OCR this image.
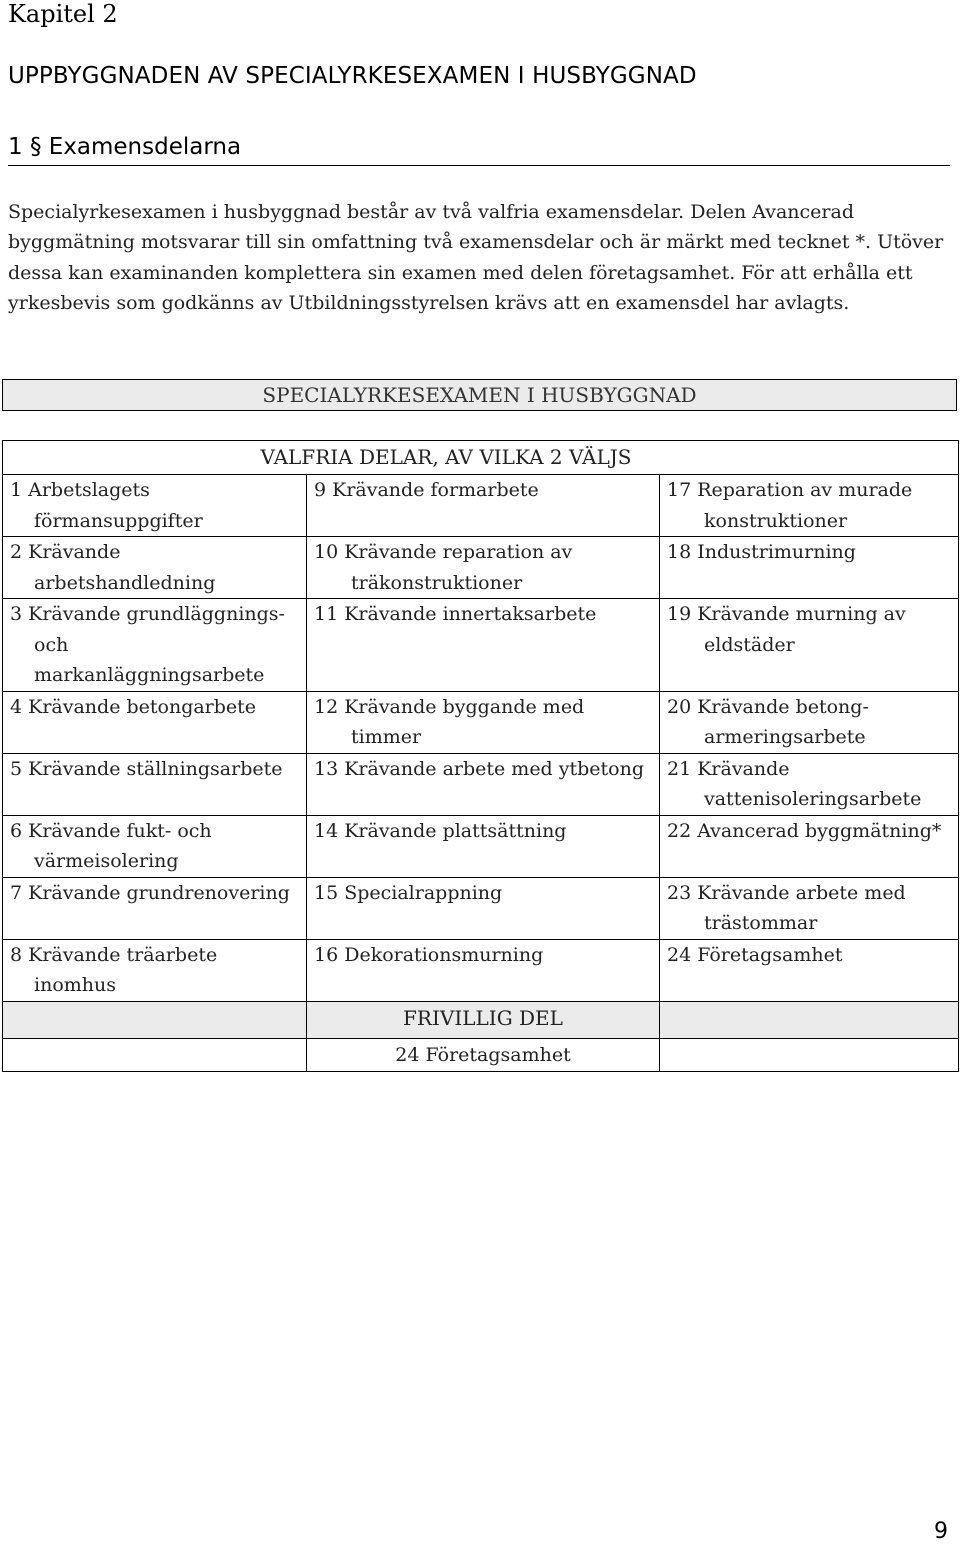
Kapitel 2
UPPBYGGNADEN AV SPECIALYRKESEXAMEN I HUSBYGGNAD
1 § Examensdelarna

Specialyrkesexamen i husbyggnad består av två valfria examensdelar. Delen Avancerad byggmätning motsvarar till sin omfattning två examensdelar och är märkt med tecknet *. Utöver dessa kan examinanden komplettera sin examen med delen företagsamhet. För att erhålla ett yrkesbevis som godkänns av Utbildningsstyrelsen krävs att en examensdel har avlagts.

SPECIALYRKESEXAMEN I HUSBYGGNAD
	VALFRIA DELAR, AV VILKA 2 VÄLJS	

1 Arbetslagets förmansuppgifter	9 Krävande formarbete	17 Reparation av murade konstruktioner

2 Krävande arbetshandledning	10 Krävande reparation av träkonstruktioner	18 Industrimurning

3 Krävande grundläggnings- och markanläggningsarbete	11 Krävande innertaksarbete	19 Krävande murning av eldstäder

4 Krävande betongarbete	12 Krävande byggande med timmer	20 Krävande betong-armeringsarbete

5 Krävande ställningsarbete	13 Krävande arbete med ytbetong	21 Krävande vattenisoleringsarbete

6 Krävande fukt- och värmeisolering	14 Krävande plattsättning	22 Avancerad byggmätning*

7 Krävande grundrenovering	15 Specialrappning	23 Krävande arbete med trästommar

8 Krävande träarbete inomhus	16 Dekorationsmurning	24 Företagsamhet

	FRIVILLIG DEL	
	24 Företagsamhet	
9
